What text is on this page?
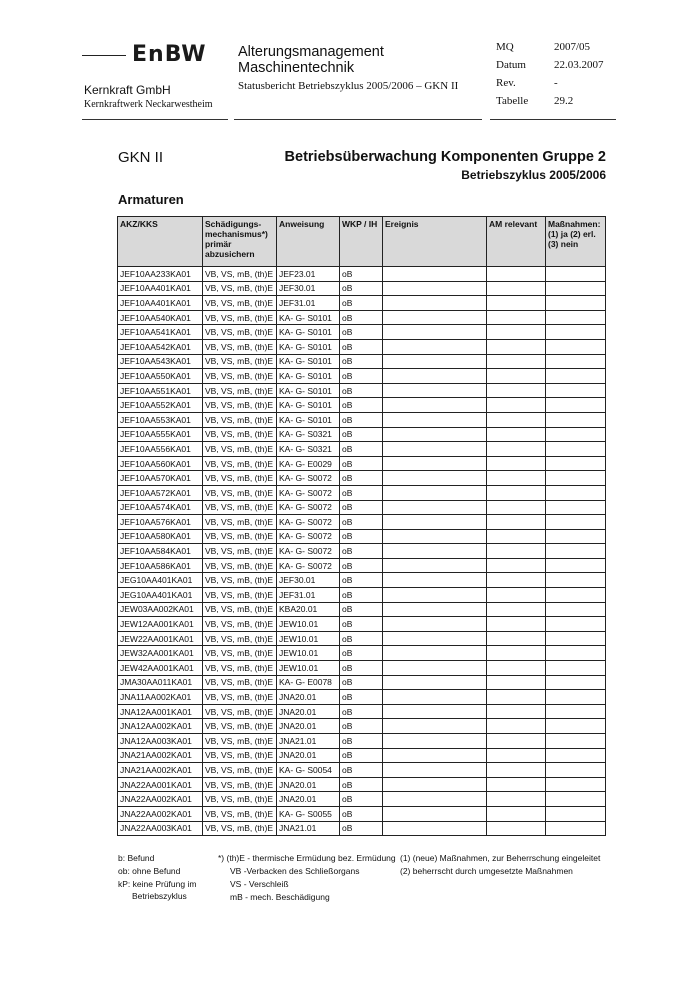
EnBW
Kernkraft GmbH
Kernkraftwerk Neckarwestheim
Alterungsmanagement
Maschinentechnik
Statusbericht Betriebszyklus 2005/2006 – GKN II
MQ	2007/05
Datum	22.03.2007
Rev.	-
Tabelle	29.2
GKN II	Betriebsüberwachung Komponenten Gruppe 2
Betriebszyklus 2005/2006
Armaturen
AKZ/KKS	Schädigungs-mechanismus*) primär abzusichern	Anweisung	WKP / IH	Ereignis	AM relevant	Maßnahmen: (1) ja (2) erl. (3) nein
JEF10AA233KA01	VB, VS, mB, (th)E	JEF23.01	oB			
JEF10AA401KA01	VB, VS, mB, (th)E	JEF30.01	oB			
JEF10AA401KA01	VB, VS, mB, (th)E	JEF31.01	oB			
JEF10AA540KA01	VB, VS, mB, (th)E	KA- G- S0101	oB			
JEF10AA541KA01	VB, VS, mB, (th)E	KA- G- S0101	oB			
JEF10AA542KA01	VB, VS, mB, (th)E	KA- G- S0101	oB			
JEF10AA543KA01	VB, VS, mB, (th)E	KA- G- S0101	oB			
JEF10AA550KA01	VB, VS, mB, (th)E	KA- G- S0101	oB			
JEF10AA551KA01	VB, VS, mB, (th)E	KA- G- S0101	oB			
JEF10AA552KA01	VB, VS, mB, (th)E	KA- G- S0101	oB			
JEF10AA553KA01	VB, VS, mB, (th)E	KA- G- S0101	oB			
JEF10AA555KA01	VB, VS, mB, (th)E	KA- G- S0321	oB			
JEF10AA556KA01	VB, VS, mB, (th)E	KA- G- S0321	oB			
JEF10AA560KA01	VB, VS, mB, (th)E	KA- G- E0029	oB			
JEF10AA570KA01	VB, VS, mB, (th)E	KA- G- S0072	oB			
JEF10AA572KA01	VB, VS, mB, (th)E	KA- G- S0072	oB			
JEF10AA574KA01	VB, VS, mB, (th)E	KA- G- S0072	oB			
JEF10AA576KA01	VB, VS, mB, (th)E	KA- G- S0072	oB			
JEF10AA580KA01	VB, VS, mB, (th)E	KA- G- S0072	oB			
JEF10AA584KA01	VB, VS, mB, (th)E	KA- G- S0072	oB			
JEF10AA586KA01	VB, VS, mB, (th)E	KA- G- S0072	oB			
JEG10AA401KA01	VB, VS, mB, (th)E	JEF30.01	oB			
JEG10AA401KA01	VB, VS, mB, (th)E	JEF31.01	oB			
JEW03AA002KA01	VB, VS, mB, (th)E	KBA20.01	oB			
JEW12AA001KA01	VB, VS, mB, (th)E	JEW10.01	oB			
JEW22AA001KA01	VB, VS, mB, (th)E	JEW10.01	oB			
JEW32AA001KA01	VB, VS, mB, (th)E	JEW10.01	oB			
JEW42AA001KA01	VB, VS, mB, (th)E	JEW10.01	oB			
JMA30AA011KA01	VB, VS, mB, (th)E	KA- G- E0078	oB			
JNA11AA002KA01	VB, VS, mB, (th)E	JNA20.01	oB			
JNA12AA001KA01	VB, VS, mB, (th)E	JNA20.01	oB			
JNA12AA002KA01	VB, VS, mB, (th)E	JNA20.01	oB			
JNA12AA003KA01	VB, VS, mB, (th)E	JNA21.01	oB			
JNA21AA002KA01	VB, VS, mB, (th)E	JNA20.01	oB			
JNA21AA002KA01	VB, VS, mB, (th)E	KA- G- S0054	oB			
JNA22AA001KA01	VB, VS, mB, (th)E	JNA20.01	oB			
JNA22AA002KA01	VB, VS, mB, (th)E	JNA20.01	oB			
JNA22AA002KA01	VB, VS, mB, (th)E	KA- G- S0055	oB			
JNA22AA003KA01	VB, VS, mB, (th)E	JNA21.01	oB			
b: Befund
ob: ohne Befund
kP: keine Prüfung im
Betriebszyklus
*) (th)E - thermische Ermüdung bez. Ermüdung
VB -Verbacken des Schließorgans
VS - Verschleiß
mB - mech. Beschädigung
(1) (neue) Maßnahmen, zur Beherrschung eingeleitet
(2) beherrscht durch umgesetzte Maßnahmen
